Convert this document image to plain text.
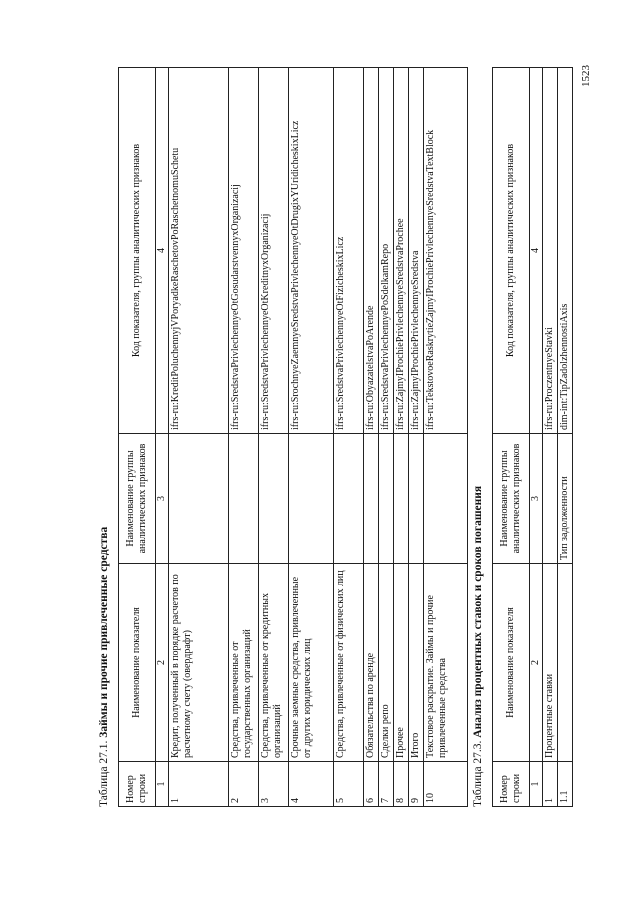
1523
Таблица 27.1. Займы и прочие привлеченные средства
Номер строки	Наименование показателя	Наименование группы аналитических признаков	Код показателя, группы аналитических признаков
1	2	3	4
1	Кредит, полученный в порядке расчетов по расчетному счету (овердрафт)		ifrs-ru:KreditPoluchennyjVPoryadkeRaschetovPoRaschetnomuSchetu
2	Средства, привлеченные от государственных организаций		ifrs-ru:SredstvaPrivlechennyeOtGosudarstvennyxOrganizacij
3	Средства, привлеченные от кредитных организаций		ifrs-ru:SredstvaPrivlechennyeOtKreditnyxOrganizacij
4	Срочные заемные средства, привлеченные от других юридических лиц		ifrs-ru:SrochnyeZaemnyeSredstvaPrivlechennyeOtDrugixYUridicheskixLicz
5	Средства, привлеченные от физических лиц		ifrs-ru:SredstvaPrivlechennyeOtFizicheskixLicz
6	Обязательства по аренде		ifrs-ru:ObyazatelstvaPoArende
7	Сделки репо		ifrs-ru:SredstvaPrivlechennyePoSdelkamRepo
8	Прочее		ifrs-ru:ZajmyIProchiePrivlechennyeSredstvaProchee
9	Итого		ifrs-ru:ZajmyIProchiePrivlechennyeSredstva
10	Текстовое раскрытие. Займы и прочие привлеченные средства		ifrs-ru:TekstovoeRaskrytieZajmyIProchiePrivlechennyeSredstvaTextBlock
Таблица 27.3. Анализ процентных ставок и сроков погашения
Номер строки	Наименование показателя	Наименование группы аналитических признаков	Код показателя, группы аналитических признаков
1	2	3	4
1	Процентные ставки		ifrs-ru:ProczentnyeStavki
1.1		Тип задолженности	dim-int:TipZadolzhennostiAxis
